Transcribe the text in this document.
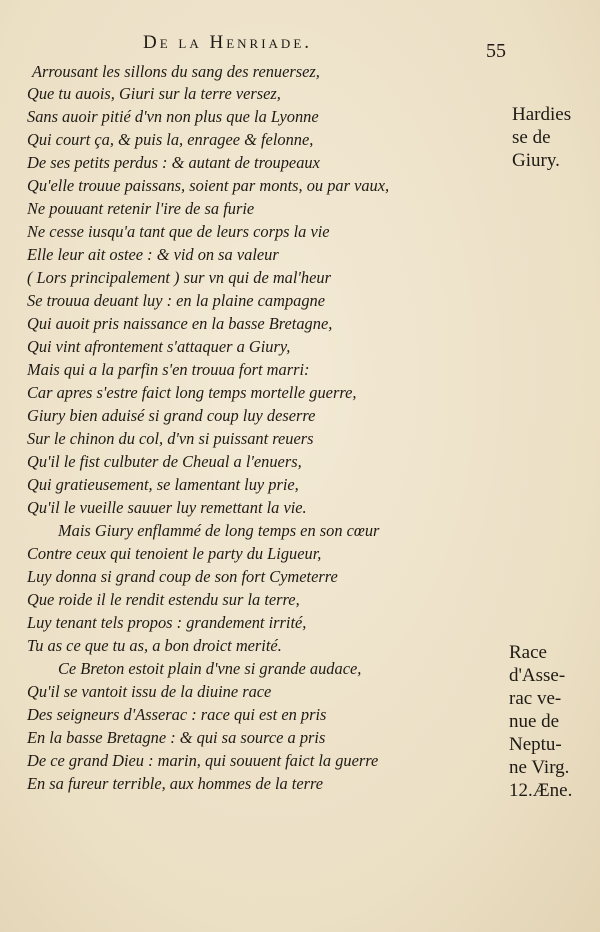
De la Henriade.	55
Arrousant les sillons du sang des renuersez,
Que tu auois, Giuri sur la terre versez,
Sans auoir pitié d'vn non plus que la Lyonne
Qui court ça, & puis la, enragee & felonne,
De ses petits perdus : & autant de troupeaux
Qu'elle trouue paissans, soient par monts, ou par vaux,
Ne pouuant retenir l'ire de sa furie
Ne cesse iusqu'a tant que de leurs corps la vie
Elle leur ait ostee : & vid on sa valeur
( Lors principalement ) sur vn qui de mal'heur
Se trouua deuant luy : en la plaine campagne
Qui auoit pris naissance en la basse Bretagne,
Qui vint afrontement s'attaquer a Giury,
Mais qui a la parfin s'en trouua fort marri:
Car apres s'estre faict long temps mortelle guerre,
Giury bien aduisé si grand coup luy deserre
Sur le chinon du col, d'vn si puissant reuers
Qu'il le fist culbuter de Cheual a l'enuers,
Qui gratieusement, se lamentant luy prie,
Qu'il le vueille sauuer luy remettant la vie.
Mais Giury enflammé de long temps en son cœur
Contre ceux qui tenoient le party du Ligueur,
Luy donna si grand coup de son fort Cymeterre
Que roide il le rendit estendu sur la terre,
Luy tenant tels propos : grandement irrité,
Tu as ce que tu as, a bon droict merité.
Ce Breton estoit plain d'vne si grande audace,
Qu'il se vantoit issu de la diuine race
Des seigneurs d'Asserac : race qui est en pris
En la basse Bretagne : & qui sa source a pris
De ce grand Dieu : marin, qui souuent faict la guerre
En sa fureur terrible, aux hommes de la terre
Hardies
se de
Giury.
Race
d'Asse-
rac ve-
nue de
Neptu-
ne Virg.
12.Æne.
